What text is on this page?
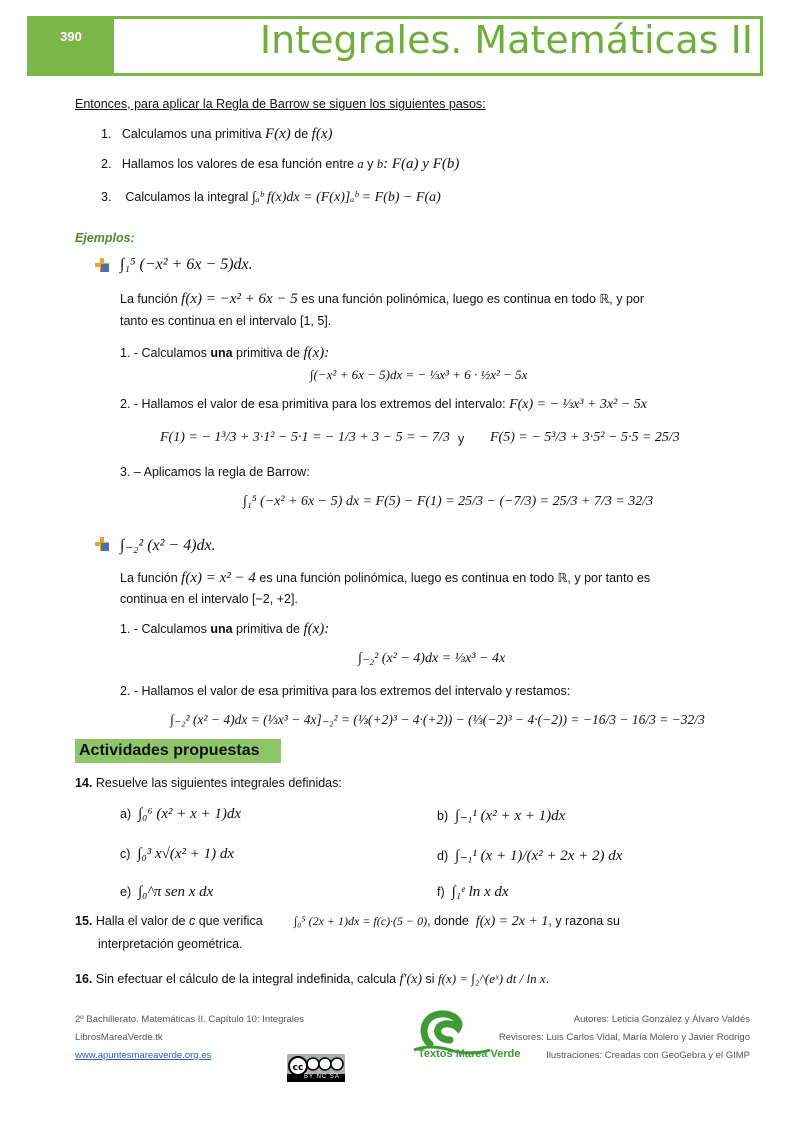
390	Integrales. Matemáticas II
Entonces, para aplicar la Regla de Barrow se siguen los siguientes pasos:
1. Calculamos una primitiva F(x) de f(x)
2. Hallamos los valores de esa función entre a y b: F(a) y F(b)
3. Calculamos la integral ∫ₐᵇ f(x)dx = (F(x)]ₐᵇ = F(b) − F(a)
Ejemplos:
∫₁⁵ (−x² + 6x − 5)dx.
La función f(x) = −x² + 6x − 5 es una función polinómica, luego es continua en todo ℝ, y por
tanto es continua en el intervalo [1, 5].
1. - Calculamos una primitiva de f(x):
∫(−x² + 6x − 5)dx = − ⅓x³ + 6 · ½x² − 5x
2. - Hallamos el valor de esa primitiva para los extremos del intervalo: F(x) = − ⅓x³ + 3x² − 5x
F(1) = − 1³/3 + 3·1² − 5·1 = − 1/3 + 3 − 5 = − 7/3 y F(5) = − 5³/3 + 3·5² − 5·5 = 25/3
3. – Aplicamos la regla de Barrow:
∫₁⁵ (−x² + 6x − 5) dx = F(5) − F(1) = 25/3 − (−7/3) = 25/3 + 7/3 = 32/3
∫₋₂² (x² − 4)dx.
La función f(x) = x² − 4 es una función polinómica, luego es continua en todo ℝ, y por tanto es
continua en el intervalo [−2, +2].
1. - Calculamos una primitiva de f(x):
∫₋₂² (x² − 4)dx = ⅓x³ − 4x
2. - Hallamos el valor de esa primitiva para los extremos del intervalo y restamos:
∫₋₂² (x² − 4)dx = (⅓x³ − 4x]₋₂² = (⅓(+2)³ − 4·(+2)) − (⅓(−2)³ − 4·(−2)) = −16/3 − 16/3 = −32/3
Actividades propuestas
14. Resuelve las siguientes integrales definidas:
a) ∫₀⁶ (x² + x + 1)dx	b) ∫₋₁¹ (x² + x + 1)dx
c) ∫₀³ x√(x² + 1) dx	d) ∫₋₁¹ (x + 1)/(x² + 2x + 2) dx
e) ∫₀^π sen x dx	f) ∫₁ᵉ ln x dx
15. Halla el valor de c que verifica	∫₀⁵ (2x + 1)dx = f(c)·(5 − 0), donde f(x) = 2x + 1, y razona su
interpretación geométrica.
16. Sin efectuar el cálculo de la integral indefinida, calcula f′(x) si f(x) = ∫₂^(eˣ) dt / ln x.
2º Bachillerato. Matemáticas II. Capítulo 10: Integrales
LibrosMareaVerde.tk
www.apuntesmareaverde.org.es
Autores: Leticia González y Álvaro Valdés
Revisores: Luis Carlos Vidal, María Molero y Javier Rodrigo
Ilustraciones: Creadas con GeoGebra y el GIMP
Textos Marea Verde
cc
BY NC SA
